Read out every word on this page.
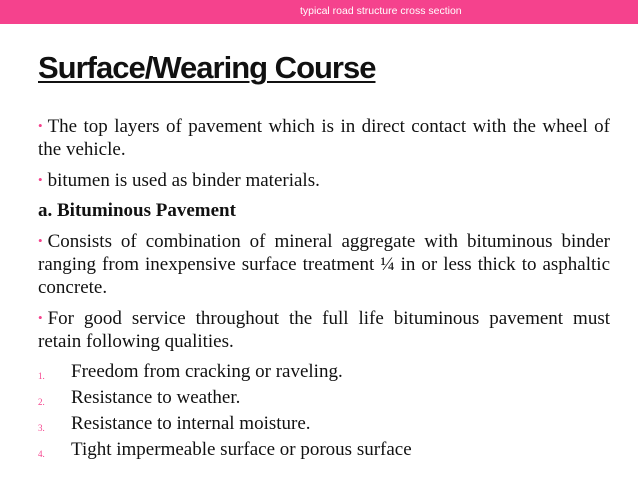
typical road structure cross section
Surface/Wearing Course

• The top layers of pavement which is in direct contact with the wheel of the vehicle.

• bitumen is used as binder materials.

a. Bituminous Pavement

• Consists of combination of mineral aggregate with bituminous binder ranging from inexpensive surface treatment ¼ in or less thick to asphaltic concrete.

• For good service throughout the full life bituminous pavement must retain following qualities.

1. Freedom from cracking or raveling.
2. Resistance to weather.
3. Resistance to internal moisture.
4. Tight impermeable surface or porous surface
